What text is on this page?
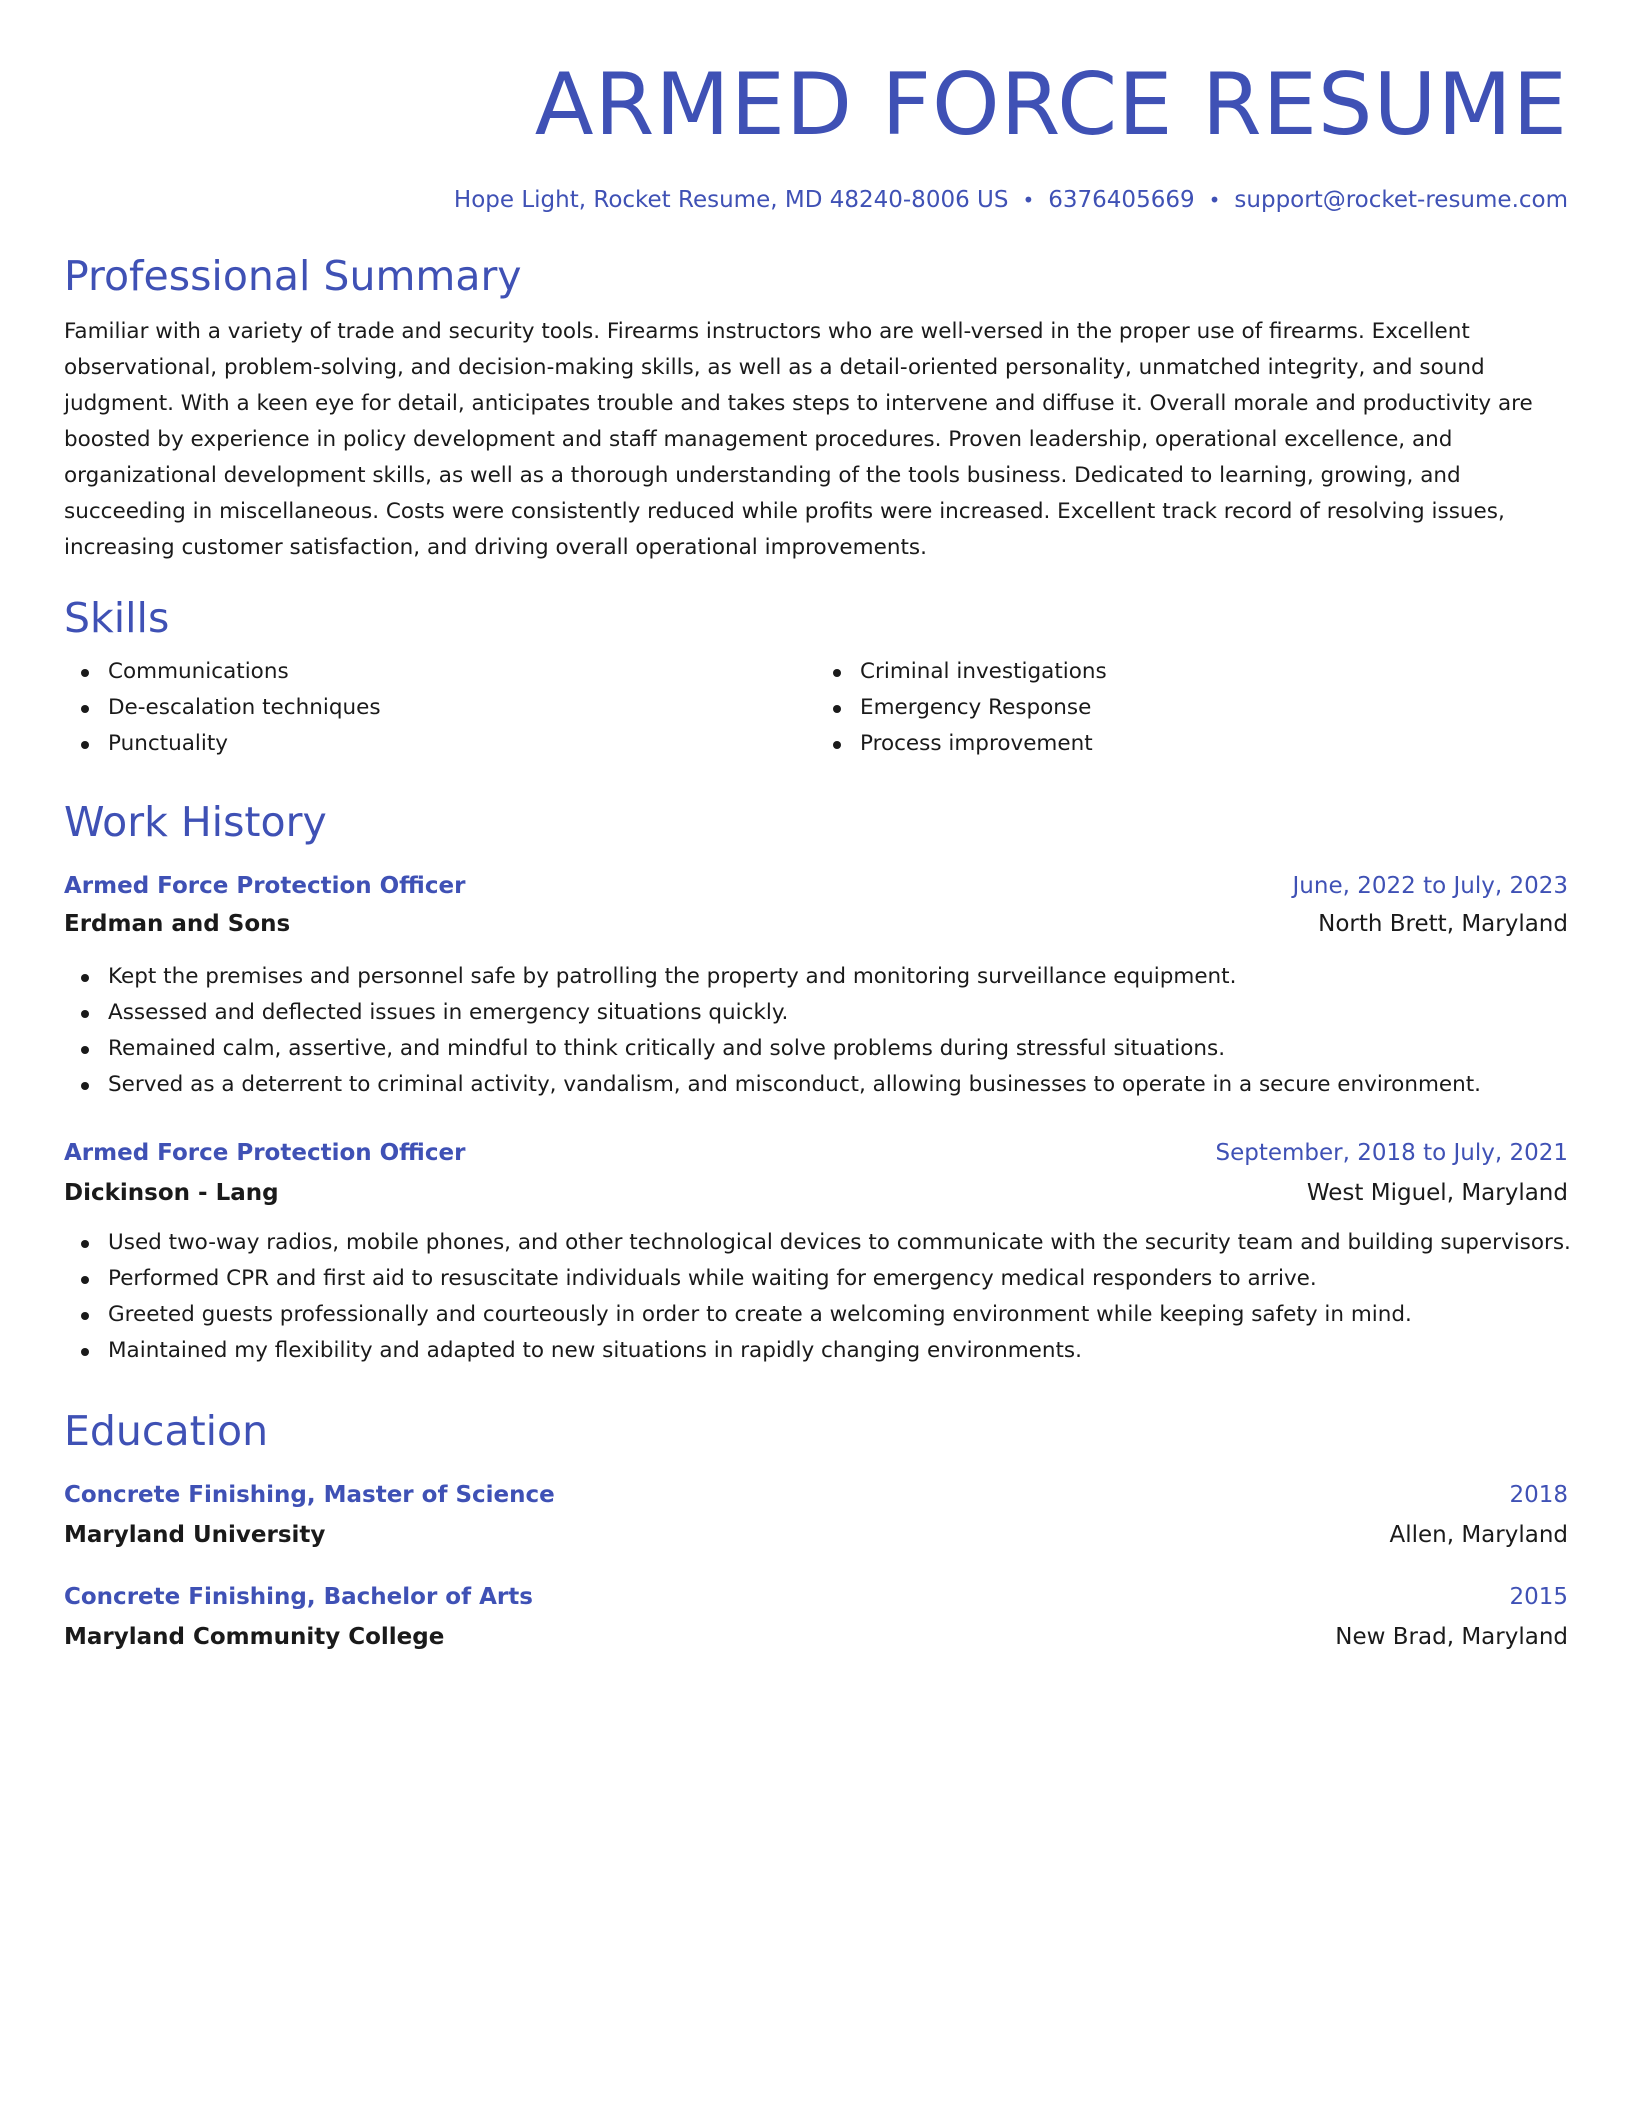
ARMED FORCE RESUME
Hope Light, Rocket Resume, MD 48240-8006 US • 6376405669 • support@rocket-resume.com
Professional Summary

Familiar with a variety of trade and security tools. Firearms instructors who are well-versed in the proper use of firearms. Excellent observational, problem-solving, and decision-making skills, as well as a detail-oriented personality, unmatched integrity, and sound judgment. With a keen eye for detail, anticipates trouble and takes steps to intervene and diffuse it. Overall morale and productivity are boosted by experience in policy development and staff management procedures. Proven leadership, operational excellence, and organizational development skills, as well as a thorough understanding of the tools business. Dedicated to learning, growing, and succeeding in miscellaneous. Costs were consistently reduced while profits were increased. Excellent track record of resolving issues, increasing customer satisfaction, and driving overall operational improvements.

Skills
Communications
De-escalation techniques
Punctuality
Criminal investigations
Emergency Response
Process improvement
Work History
Armed Force Protection Officer	June, 2022 to July, 2023
Erdman and Sons	North Brett, Maryland
Kept the premises and personnel safe by patrolling the property and monitoring surveillance equipment.
Assessed and deflected issues in emergency situations quickly.
Remained calm, assertive, and mindful to think critically and solve problems during stressful situations.
Served as a deterrent to criminal activity, vandalism, and misconduct, allowing businesses to operate in a secure environment.
Armed Force Protection Officer	September, 2018 to July, 2021
Dickinson - Lang	West Miguel, Maryland
Used two-way radios, mobile phones, and other technological devices to communicate with the security team and building supervisors.
Performed CPR and first aid to resuscitate individuals while waiting for emergency medical responders to arrive.
Greeted guests professionally and courteously in order to create a welcoming environment while keeping safety in mind.
Maintained my flexibility and adapted to new situations in rapidly changing environments.
Education
Concrete Finishing, Master of Science	2018
Maryland University	Allen, Maryland
Concrete Finishing, Bachelor of Arts	2015
Maryland Community College	New Brad, Maryland
